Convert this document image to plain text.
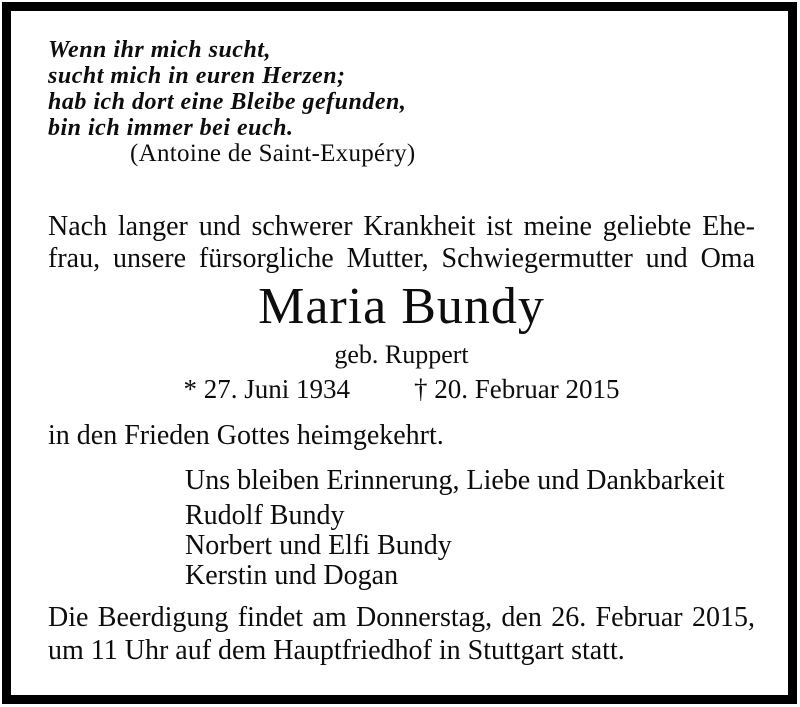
Wenn ihr mich sucht,
sucht mich in euren Herzen;
hab ich dort eine Bleibe gefunden,
bin ich immer bei euch.
(Antoine de Saint-Exupéry)
Nach langer und schwerer Krankheit ist meine geliebte Ehe-
frau, unsere fürsorgliche Mutter, Schwiegermutter und Oma
Maria Bundy
geb. Ruppert
* 27. Juni 1934 † 20. Februar 2015
in den Frieden Gottes heimgekehrt.
Uns bleiben Erinnerung, Liebe und Dankbarkeit
Rudolf Bundy
Norbert und Elfi Bundy
Kerstin und Dogan
Die Beerdigung findet am Donnerstag, den 26. Februar 2015,
um 11 Uhr auf dem Hauptfriedhof in Stuttgart statt.
